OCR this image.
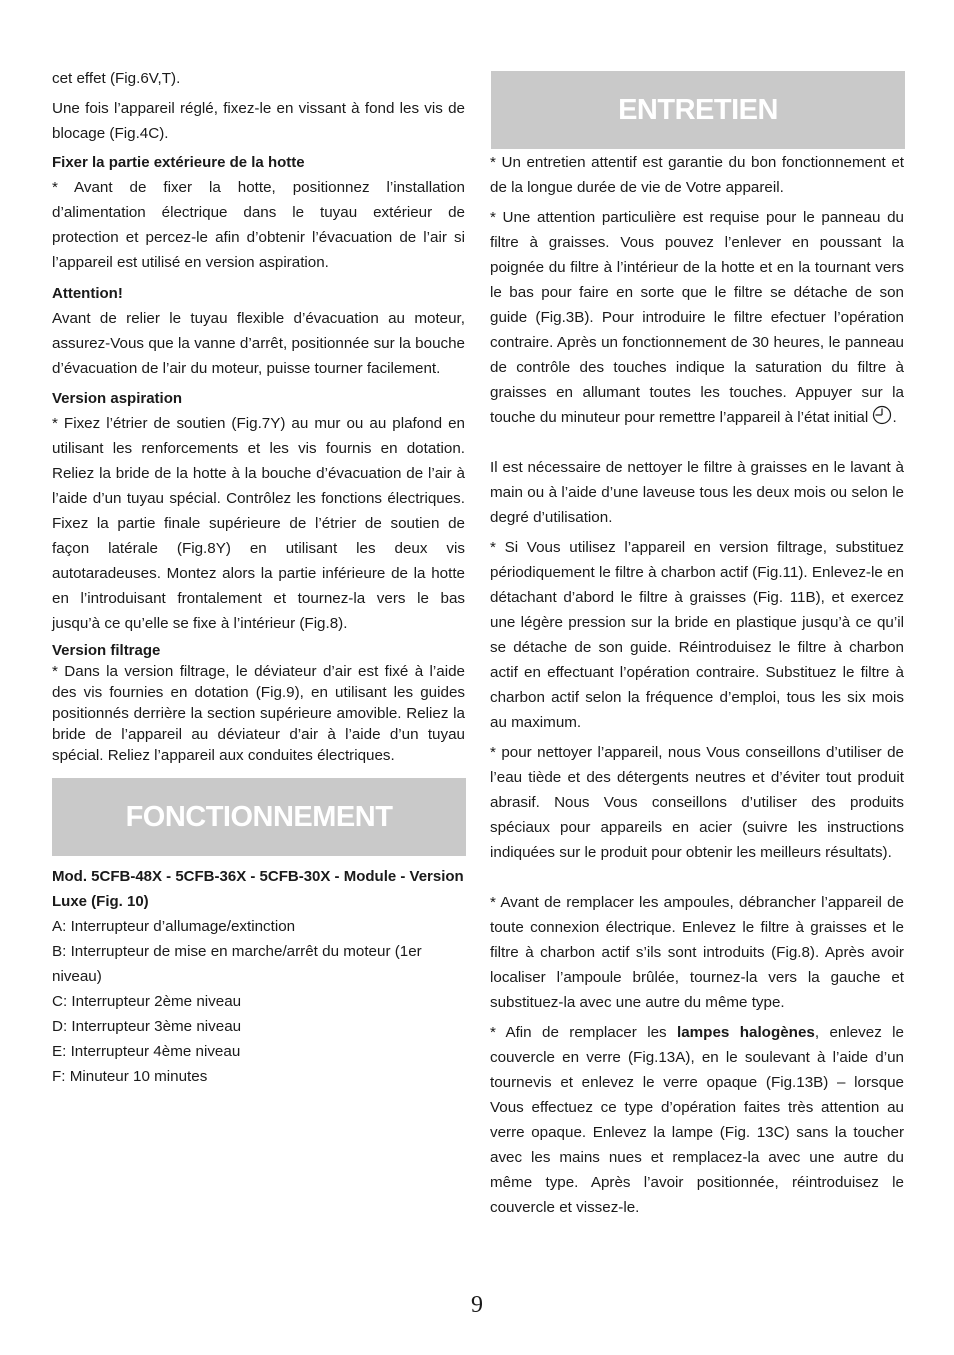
cet effet (Fig.6V,T).

Une fois l’appareil réglé, fixez-le en vissant à fond les vis de blocage (Fig.4C).

Fixer la partie extérieure de la hotte

* Avant de fixer la hotte, positionnez l’installation d’alimentation électrique dans le tuyau extérieur de protection et percez-le afin d’obtenir l’évacuation de l’air si l’appareil est utilisé en version aspiration.

Attention!

Avant de relier le tuyau flexible d’évacuation au moteur, assurez-Vous que la vanne d’arrêt, positionnée sur la bouche d’évacuation de l’air du moteur, puisse tourner facilement.

Version aspiration

* Fixez l’étrier de soutien (Fig.7Y) au mur ou au plafond en utilisant les renforcements et les vis fournis en dotation. Reliez la bride de la hotte à la bouche d’évacuation de l’air à l’aide d’un tuyau spécial. Contrôlez les fonctions électriques. Fixez la partie finale supérieure de l’étrier de soutien de façon latérale (Fig.8Y) en utilisant les deux vis autotaradeuses. Montez alors la partie inférieure de la hotte en l’introduisant frontalement et tournez-la vers le bas jusqu’à ce qu’elle se fixe à l’intérieur (Fig.8).

Version filtrage

* Dans la version filtrage, le déviateur d’air est fixé à l’aide des vis fournies en dotation (Fig.9), en utilisant les guides positionnés derrière la section supérieure amovible. Reliez la bride de l’appareil au déviateur d’air à l’aide d’un tuyau spécial. Reliez l’appareil aux conduites électriques.

FONCTIONNEMENT
Mod. 5CFB-48X - 5CFB-36X - 5CFB-30X - Module - Version Luxe (Fig. 10)

A: Interrupteur d’allumage/extinction

B: Interrupteur de mise en marche/arrêt du moteur (1er niveau)

C: Interrupteur 2ème niveau

D: Interrupteur 3ème niveau

E: Interrupteur 4ème niveau

F: Minuteur 10 minutes

ENTRETIEN

* Un entretien attentif est garantie du bon fonctionnement et de la longue durée de vie de Votre appareil.

* Une attention particulière est requise pour le panneau du filtre à graisses. Vous pouvez l’enlever en poussant la poignée du filtre à l’intérieur de la hotte et en la tournant vers le bas pour faire en sorte que le filtre se détache de son guide (Fig.3B). Pour introduire le filtre efectuer l’opération contraire. Après un fonctionnement de 30 heures, le panneau de contrôle des touches indique la saturation du filtre à graisses en allumant toutes les touches. Appuyer sur la touche du minuteur pour remettre l’appareil à l’état initial .

Il est nécessaire de nettoyer le filtre à graisses en le lavant à main ou à l’aide d’une laveuse tous les deux mois ou selon le degré d’utilisation.

* Si Vous utilisez l’appareil en version filtrage, substituez périodiquement le filtre à charbon actif (Fig.11). Enlevez-le en détachant d’abord le filtre à graisses (Fig. 11B), et exercez une légère pression sur la bride en plastique jusqu’à ce qu’il se détache de son guide. Réintroduisez le filtre à charbon actif en effectuant l’opération contraire. Substituez le filtre à charbon actif selon la fréquence d’emploi, tous les six mois au maximum.

* pour nettoyer l’appareil, nous Vous conseillons d’utiliser de l’eau tiède et des détergents neutres et d’éviter tout produit abrasif. Nous Vous conseillons d’utiliser des produits spéciaux pour appareils en acier (suivre les instructions indiquées sur le produit pour obtenir les meilleurs résultats).

* Avant de remplacer les ampoules, débrancher l’appareil de toute connexion électrique. Enlevez le filtre à graisses et le filtre à charbon actif s’ils sont introduits (Fig.8). Après avoir localiser l’ampoule brûlée, tournez-la vers la gauche et substituez-la avec une autre du même type.

* Afin de remplacer les lampes halogènes, enlevez le couvercle en verre (Fig.13A), en le soulevant à l’aide d’un tournevis et enlevez le verre opaque (Fig.13B) – lorsque Vous effectuez ce type d’opération faites très attention au verre opaque. Enlevez la lampe (Fig. 13C) sans la toucher avec les mains nues et remplacez-la avec une autre du même type. Après l’avoir positionnée, réintroduisez le couvercle et vissez-le.

9
